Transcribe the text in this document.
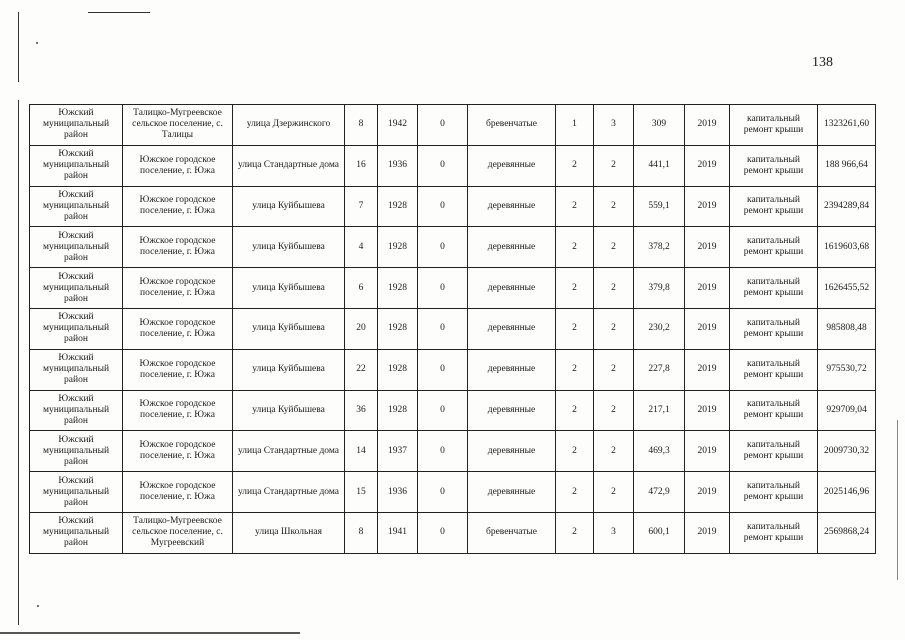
138
Южский муниципальный район	Талицко-Мугреевское сельское поселение, с. Талицы	улица Дзержинского	8	1942	0	бревенчатые	1	3	309	2019	капитальный ремонт крыши	1323261,60
Южский муниципальный район	Южское городское поселение, г. Южа	улица Стандартные дома	16	1936	0	деревянные	2	2	441,1	2019	капитальный ремонт крыши	188 966,64
Южский муниципальный район	Южское городское поселение, г. Южа	улица Куйбышева	7	1928	0	деревянные	2	2	559,1	2019	капитальный ремонт крыши	2394289,84
Южский муниципальный район	Южское городское поселение, г. Южа	улица Куйбышева	4	1928	0	деревянные	2	2	378,2	2019	капитальный ремонт крыши	1619603,68
Южский муниципальный район	Южское городское поселение, г. Южа	улица Куйбышева	6	1928	0	деревянные	2	2	379,8	2019	капитальный ремонт крыши	1626455,52
Южский муниципальный район	Южское городское поселение, г. Южа	улица Куйбышева	20	1928	0	деревянные	2	2	230,2	2019	капитальный ремонт крыши	985808,48
Южский муниципальный район	Южское городское поселение, г. Южа	улица Куйбышева	22	1928	0	деревянные	2	2	227,8	2019	капитальный ремонт крыши	975530,72
Южский муниципальный район	Южское городское поселение, г. Южа	улица Куйбышева	36	1928	0	деревянные	2	2	217,1	2019	капитальный ремонт крыши	929709,04
Южский муниципальный район	Южское городское поселение, г. Южа	улица Стандартные дома	14	1937	0	деревянные	2	2	469,3	2019	капитальный ремонт крыши	2009730,32
Южский муниципальный район	Южское городское поселение, г. Южа	улица Стандартные дома	15	1936	0	деревянные	2	2	472,9	2019	капитальный ремонт крыши	2025146,96
Южский муниципальный район	Талицко-Мугреевское сельское поселение, с. Мугреевский	улица Школьная	8	1941	0	бревенчатые	2	3	600,1	2019	капитальный ремонт крыши	2569868,24
